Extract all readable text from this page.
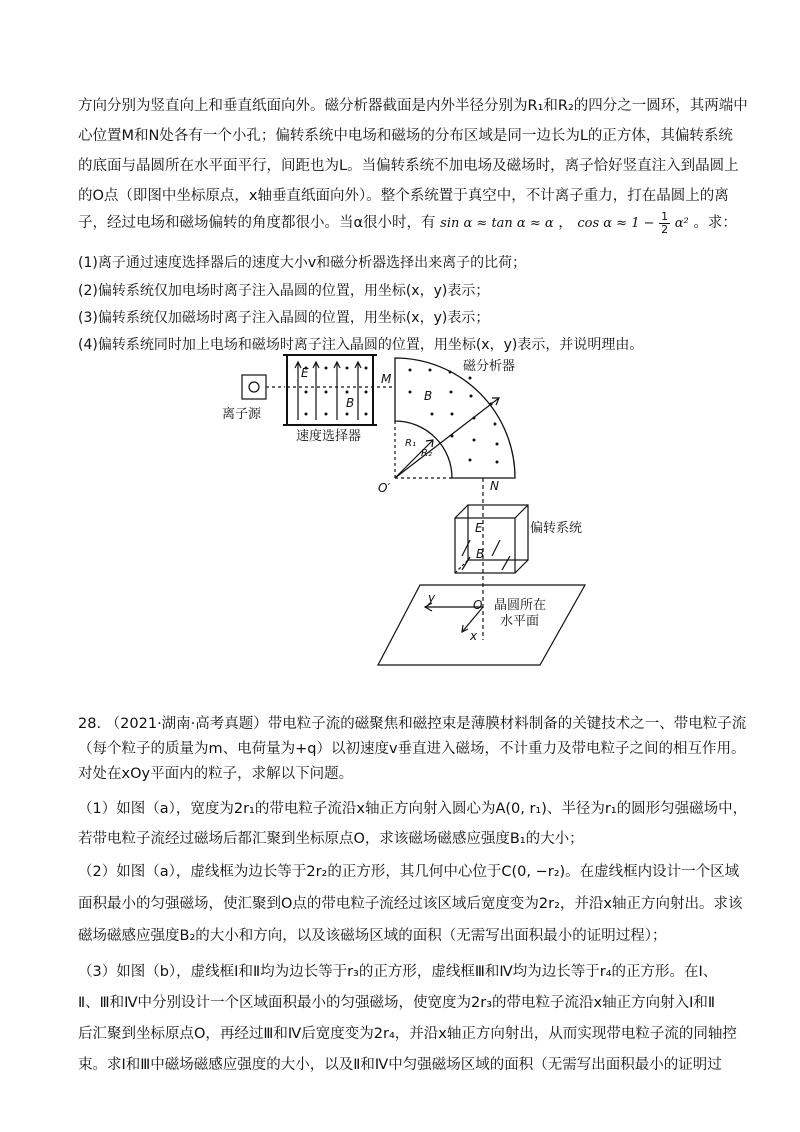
方向分别为竖直向上和垂直纸面向外。磁分析器截面是内外半径分别为R₁和R₂的四分之一圆环，其两端中
心位置M和N处各有一个小孔；偏转系统中电场和磁场的分布区域是同一边长为L的正方体，其偏转系统
的底面与晶圆所在水平面平行，间距也为L。当偏转系统不加电场及磁场时，离子恰好竖直注入到晶圆上
的O点（即图中坐标原点，x轴垂直纸面向外）。整个系统置于真空中，不计离子重力，打在晶圆上的离
子，经过电场和磁场偏转的角度都很小。当α很小时，有 sin α ≈ tan α ≈ α ， $\cos \alpha \approx 1 - \frac{1}{2} \alpha^2$ 。求：
(1)离子通过速度选择器后的速度大小v和磁分析器选择出来离子的比荷；
(2)偏转系统仅加电场时离子注入晶圆的位置，用坐标(x，y)表示；
(3)偏转系统仅加磁场时离子注入晶圆的位置，用坐标(x，y)表示；
(4)偏转系统同时加上电场和磁场时离子注入晶圆的位置，用坐标(x，y)表示，并说明理由。
离子源
速度选择器
磁分析器
偏转系统
晶圆所在
水平面
E
B
M
B
N
O′
R₁
R₂
E
B
O
y
x
28. （2021·湖南·高考真题）带电粒子流的磁聚焦和磁控束是薄膜材料制备的关键技术之一、带电粒子流
（每个粒子的质量为m、电荷量为+q）以初速度v垂直进入磁场，不计重力及带电粒子之间的相互作用。
对处在xOy平面内的粒子，求解以下问题。
（1）如图（a），宽度为2r₁的带电粒子流沿x轴正方向射入圆心为A(0, r₁)、半径为r₁的圆形匀强磁场中，
若带电粒子流经过磁场后都汇聚到坐标原点O，求该磁场磁感应强度B₁的大小；
（2）如图（a），虚线框为边长等于2r₂的正方形，其几何中心位于C(0, −r₂)。在虚线框内设计一个区域
面积最小的匀强磁场，使汇聚到O点的带电粒子流经过该区域后宽度变为2r₂，并沿x轴正方向射出。求该
磁场磁感应强度B₂的大小和方向，以及该磁场区域的面积（无需写出面积最小的证明过程）；
（3）如图（b），虚线框Ⅰ和Ⅱ均为边长等于r₃的正方形，虚线框Ⅲ和Ⅳ均为边长等于r₄的正方形。在Ⅰ、
Ⅱ、Ⅲ和Ⅳ中分别设计一个区域面积最小的匀强磁场，使宽度为2r₃的带电粒子流沿x轴正方向射入Ⅰ和Ⅱ
后汇聚到坐标原点O，再经过Ⅲ和Ⅳ后宽度变为2r₄，并沿x轴正方向射出，从而实现带电粒子流的同轴控
束。求Ⅰ和Ⅲ中磁场磁感应强度的大小，以及Ⅱ和Ⅳ中匀强磁场区域的面积（无需写出面积最小的证明过
